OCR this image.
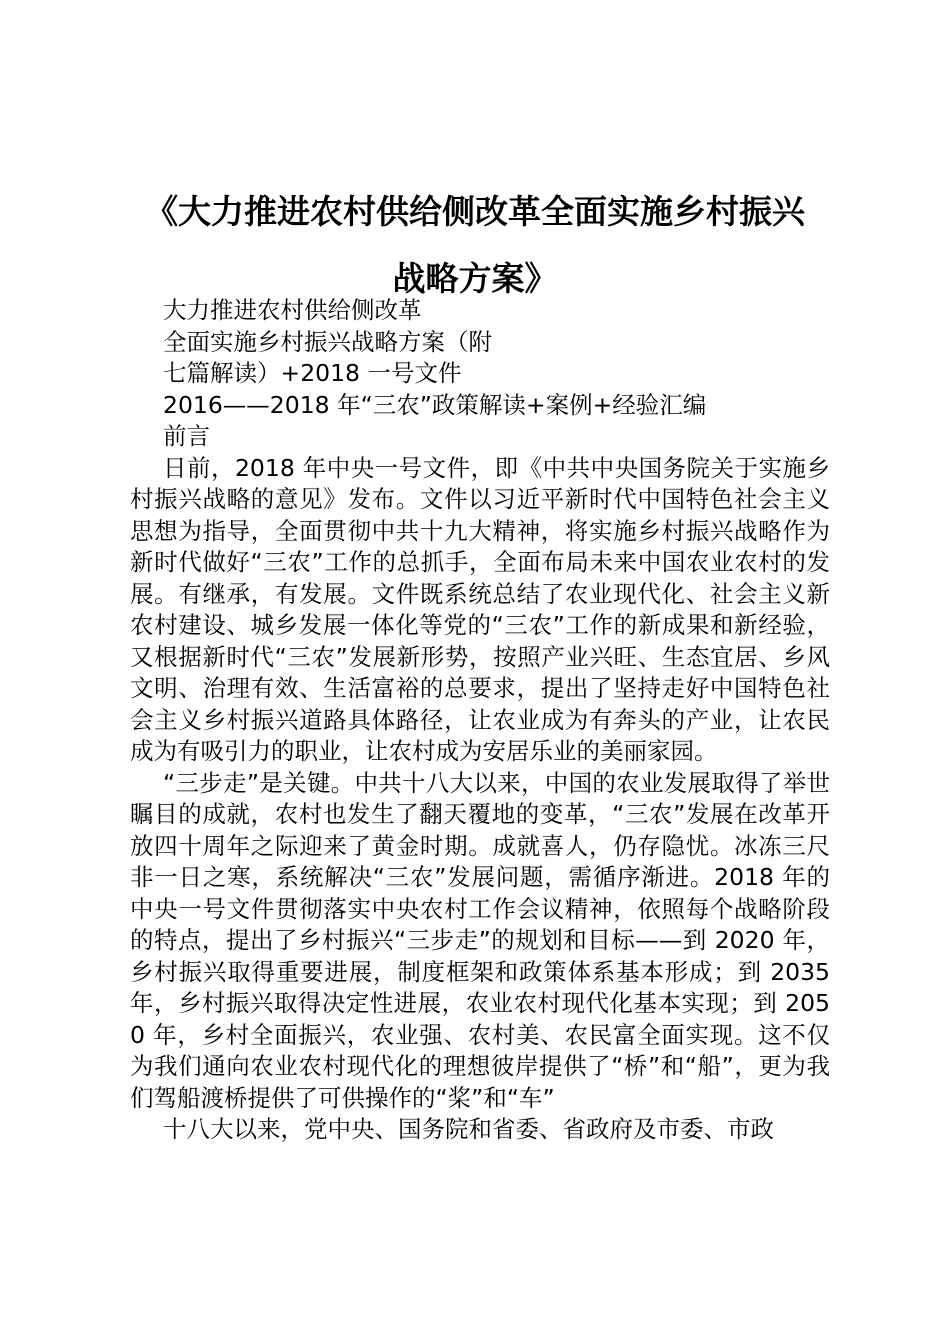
《大力推进农村供给侧改革全面实施乡村振兴战略方案》

大力推进农村供给侧改革

全面实施乡村振兴战略方案（附

七篇解读）+2018 一号文件

2016——2018 年“三农”政策解读+案例+经验汇编

前言

日前，2018 年中央一号文件，即《中共中央国务院关于实施乡村振兴战略的意见》发布。文件以习近平新时代中国特色社会主义思想为指导，全面贯彻中共十九大精神，将实施乡村振兴战略作为新时代做好“三农”工作的总抓手，全面布局未来中国农业农村的发展。有继承，有发展。文件既系统总结了农业现代化、社会主义新农村建设、城乡发展一体化等党的“三农”工作的新成果和新经验，又根据新时代“三农”发展新形势，按照产业兴旺、生态宜居、乡风文明、治理有效、生活富裕的总要求，提出了坚持走好中国特色社会主义乡村振兴道路具体路径，让农业成为有奔头的产业，让农民成为有吸引力的职业，让农村成为安居乐业的美丽家园。

“三步走”是关键。中共十八大以来，中国的农业发展取得了举世瞩目的成就，农村也发生了翻天覆地的变革，“三农”发展在改革开放四十周年之际迎来了黄金时期。成就喜人，仍存隐忧。冰冻三尺非一日之寒，系统解决“三农”发展问题，需循序渐进。2018 年的中央一号文件贯彻落实中央农村工作会议精神，依照每个战略阶段的特点，提出了乡村振兴“三步走”的规划和目标——到 2020 年，乡村振兴取得重要进展，制度框架和政策体系基本形成；到 2035 年，乡村振兴取得决定性进展，农业农村现代化基本实现；到 2050 年，乡村全面振兴，农业强、农村美、农民富全面实现。这不仅为我们通向农业农村现代化的理想彼岸提供了“桥”和“船”，更为我们驾船渡桥提供了可供操作的“桨”和“车”

十八大以来，党中央、国务院和省委、省政府及市委、市政
